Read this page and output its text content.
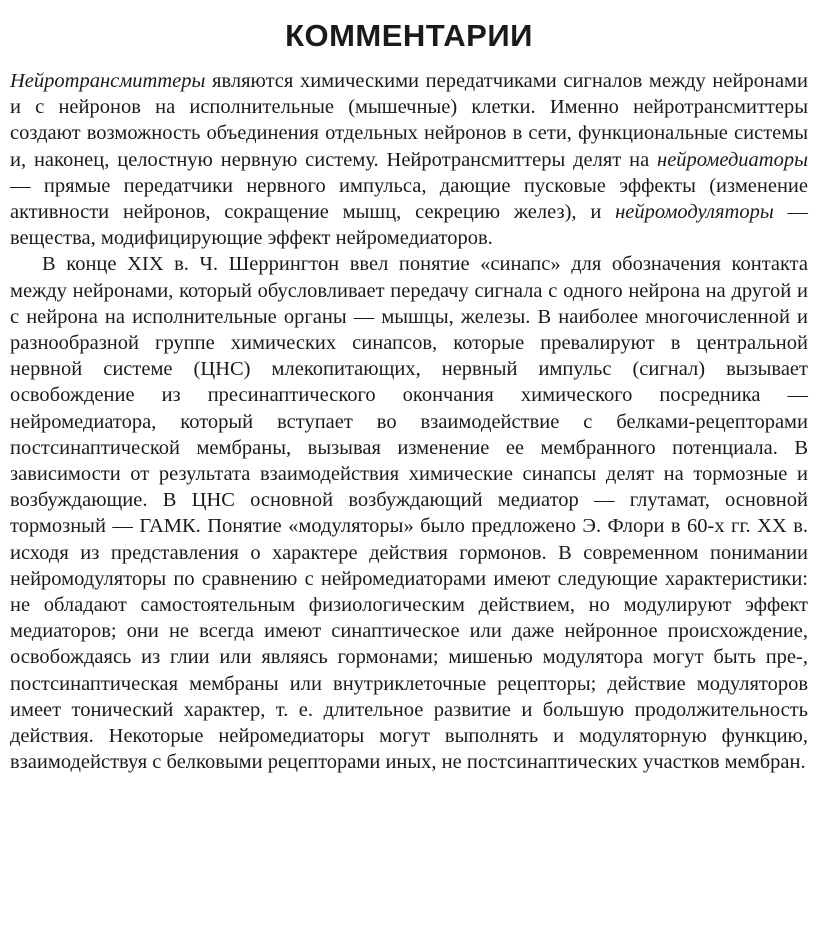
КОММЕНТАРИИ

Нейротрансмиттеры являются химическими передатчиками сигналов между нейронами и с нейронов на исполнительные (мышечные) клетки. Именно нейротрансмиттеры создают возможность объединения отдельных нейронов в сети, функциональные системы и, наконец, целостную нервную систему. Нейротрансмиттеры делят на нейромедиаторы — прямые передатчики нервного импульса, дающие пусковые эффекты (изменение активности нейронов, сокращение мышц, секрецию желез), и нейромодуляторы — вещества, модифицирующие эффект нейромедиаторов.

В конце XIX в. Ч. Шеррингтон ввел понятие «синапс» для обозначения контакта между нейронами, который обусловливает передачу сигнала с одного нейрона на другой и с нейрона на исполнительные органы — мышцы, железы. В наиболее многочисленной и разнообразной группе химических синапсов, которые превалируют в центральной нервной системе (ЦНС) млекопитающих, нервный импульс (сигнал) вызывает освобождение из пресинаптического окончания химического посредника — нейромедиатора, который вступает во взаимодействие с белками-рецепторами постсинаптической мембраны, вызывая изменение ее мембранного потенциала. В зависимости от результата взаимодействия химические синапсы делят на тормозные и возбуждающие. В ЦНС основной возбуждающий медиатор — глутамат, основной тормозный — ГАМК. Понятие «модуляторы» было предложено Э. Флори в 60-х гг. XX в. исходя из представления о характере действия гормонов. В современном понимании нейромодуляторы по сравнению с нейромедиаторами имеют следующие характеристики: не обладают самостоятельным физиологическим действием, но модулируют эффект медиаторов; они не всегда имеют синаптическое или даже нейронное происхождение, освобождаясь из глии или являясь гормонами; мишенью модулятора могут быть пре-, постсинаптическая мембраны или внутриклеточные рецепторы; действие модуляторов имеет тонический характер, т. е. длительное развитие и большую продолжительность действия. Некоторые нейромедиаторы могут выполнять и модуляторную функцию, взаимодействуя с белковыми рецепторами иных, не постсинаптических участков мембран.
